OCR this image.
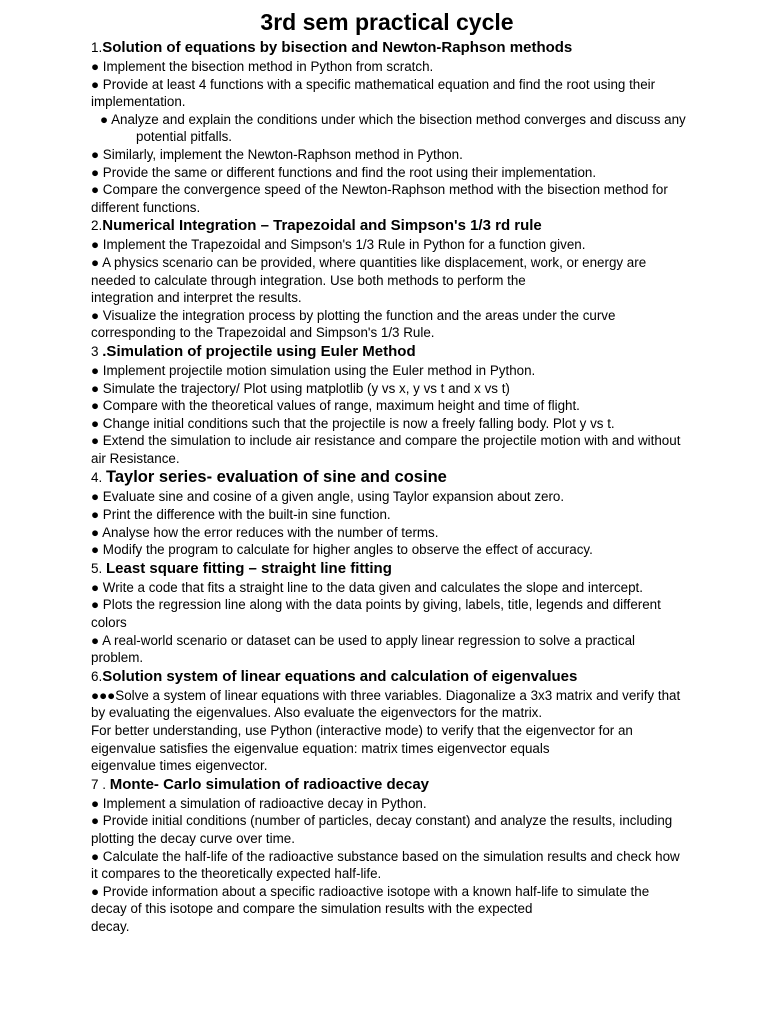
3rd sem practical cycle

1.Solution of equations by bisection and Newton-Raphson methods

● Implement the bisection method in Python from scratch.

● Provide at least 4 functions with a specific mathematical equation and find the root using their

implementation.

● Analyze and explain the conditions under which the bisection method converges and discuss any

potential pitfalls.

● Similarly, implement the Newton-Raphson method in Python.

● Provide the same or different functions and find the root using their implementation.

● Compare the convergence speed of the Newton-Raphson method with the bisection method for

different functions.

2.Numerical Integration – Trapezoidal and Simpson's 1/3 rd rule

● Implement the Trapezoidal and Simpson's 1/3 Rule in Python for a function given.

● A physics scenario can be provided, where quantities like displacement, work, or energy are

needed to calculate through integration. Use both methods to perform the

integration and interpret the results.

● Visualize the integration process by plotting the function and the areas under the curve

corresponding to the Trapezoidal and Simpson's 1/3 Rule.

3 .Simulation of projectile using Euler Method

● Implement projectile motion simulation using the Euler method in Python.

● Simulate the trajectory/ Plot using matplotlib (y vs x, y vs t and x vs t)

● Compare with the theoretical values of range, maximum height and time of flight.

● Change initial conditions such that the projectile is now a freely falling body. Plot y vs t.

● Extend the simulation to include air resistance and compare the projectile motion with and without

air Resistance.

4. Taylor series- evaluation of sine and cosine

● Evaluate sine and cosine of a given angle, using Taylor expansion about zero.

● Print the difference with the built-in sine function.

● Analyse how the error reduces with the number of terms.

● Modify the program to calculate for higher angles to observe the effect of accuracy.

5. Least square fitting – straight line fitting

● Write a code that fits a straight line to the data given and calculates the slope and intercept.

● Plots the regression line along with the data points by giving, labels, title, legends and different

colors

● A real-world scenario or dataset can be used to apply linear regression to solve a practical

problem.

6.Solution system of linear equations and calculation of eigenvalues

●●●Solve a system of linear equations with three variables. Diagonalize a 3x3 matrix and verify that

by evaluating the eigenvalues. Also evaluate the eigenvectors for the matrix.

For better understanding, use Python (interactive mode) to verify that the eigenvector for an

eigenvalue satisfies the eigenvalue equation: matrix times eigenvector equals

eigenvalue times eigenvector.

7 . Monte- Carlo simulation of radioactive decay

● Implement a simulation of radioactive decay in Python.

● Provide initial conditions (number of particles, decay constant) and analyze the results, including

plotting the decay curve over time.

● Calculate the half-life of the radioactive substance based on the simulation results and check how

it compares to the theoretically expected half-life.

● Provide information about a specific radioactive isotope with a known half-life to simulate the

decay of this isotope and compare the simulation results with the expected

decay.
